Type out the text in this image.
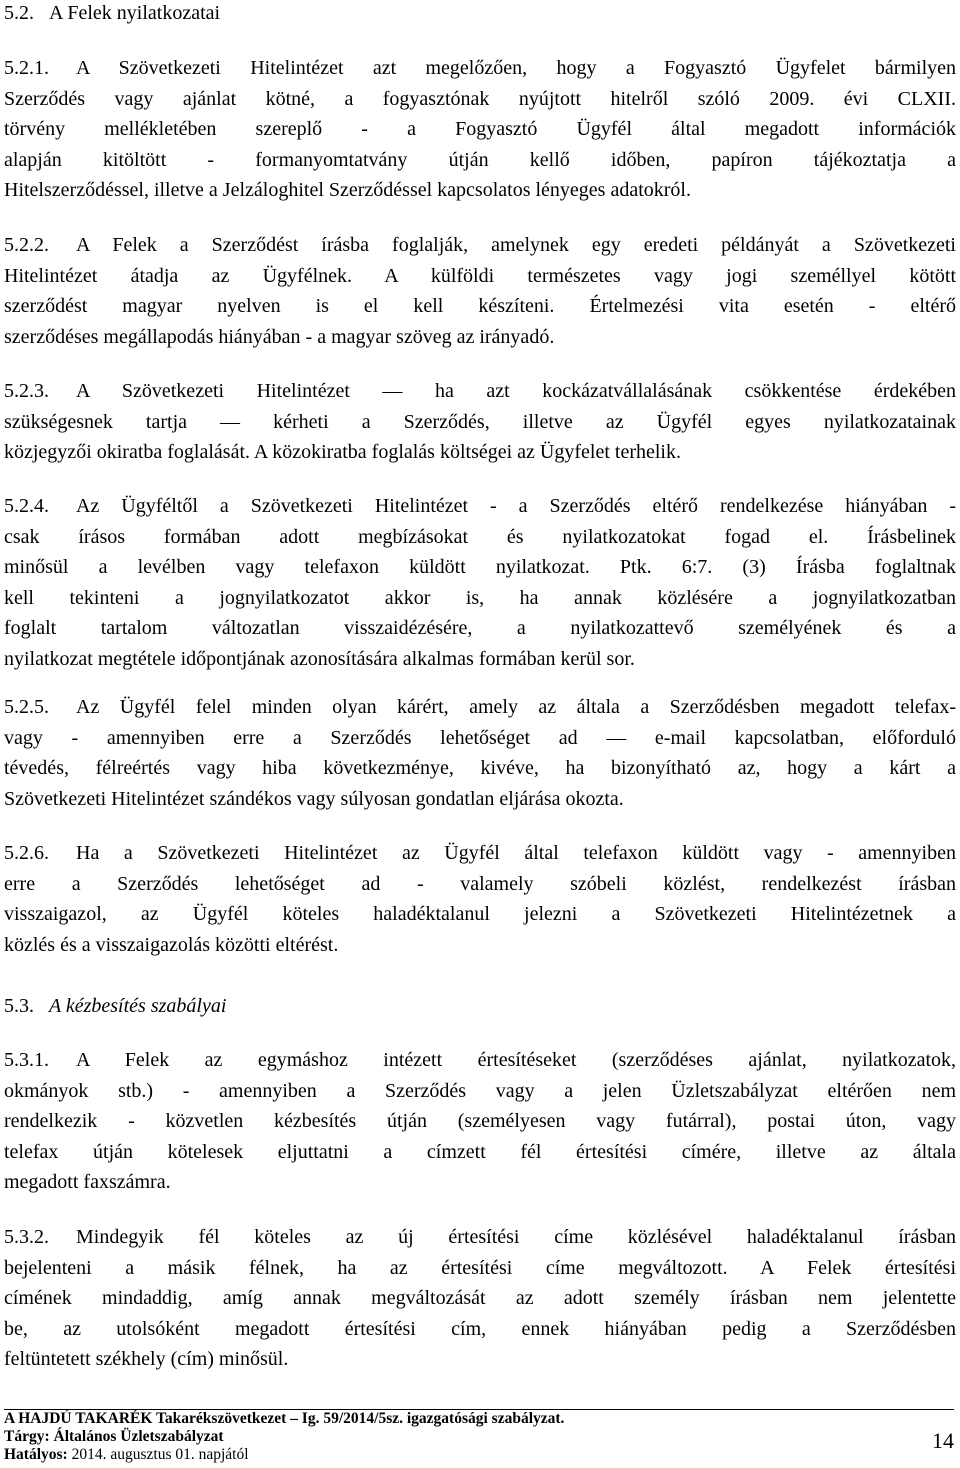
5.2. A Felek nyilatkozatai
5.2.1. A Szövetkezeti Hitelintézet azt megelőzően, hogy a Fogyasztó Ügyfelet bármilyen
Szerződés vagy ajánlat kötné, a fogyasztónak nyújtott hitelről szóló 2009. évi CLXII.
törvény mellékletében szereplő - a Fogyasztó Ügyfél által megadott információk
alapján kitöltött - formanyomtatvány útján kellő időben, papíron tájékoztatja a
Hitelszerződéssel, illetve a Jelzáloghitel Szerződéssel kapcsolatos lényeges adatokról.
5.2.2. A Felek a Szerződést írásba foglalják, amelynek egy eredeti példányát a Szövetkezeti
Hitelintézet átadja az Ügyfélnek. A külföldi természetes vagy jogi személlyel kötött
szerződést magyar nyelven is el kell készíteni. Értelmezési vita esetén - eltérő
szerződéses megállapodás hiányában - a magyar szöveg az irányadó.
5.2.3. A Szövetkezeti Hitelintézet — ha azt kockázatvállalásának csökkentése érdekében
szükségesnek tartja — kérheti a Szerződés, illetve az Ügyfél egyes nyilatkozatainak
közjegyzői okiratba foglalását. A közokiratba foglalás költségei az Ügyfelet terhelik.
5.2.4. Az Ügyféltől a Szövetkezeti Hitelintézet - a Szerződés eltérő rendelkezése hiányában -
csak írásos formában adott megbízásokat és nyilatkozatokat fogad el. Írásbelinek
minősül a levélben vagy telefaxon küldött nyilatkozat. Ptk. 6:7. (3) Írásba foglaltnak
kell tekinteni a jognyilatkozatot akkor is, ha annak közlésére a jognyilatkozatban
foglalt tartalom változatlan visszaidézésére, a nyilatkozattevő személyének és a
nyilatkozat megtétele időpontjának azonosítására alkalmas formában kerül sor.
5.2.5. Az Ügyfél felel minden olyan kárért, amely az általa a Szerződésben megadott telefax-
vagy - amennyiben erre a Szerződés lehetőséget ad — e-mail kapcsolatban, előforduló
tévedés, félreértés vagy hiba következménye, kivéve, ha bizonyítható az, hogy a kárt a
Szövetkezeti Hitelintézet szándékos vagy súlyosan gondatlan eljárása okozta.
5.2.6. Ha a Szövetkezeti Hitelintézet az Ügyfél által telefaxon küldött vagy - amennyiben
erre a Szerződés lehetőséget ad - valamely szóbeli közlést, rendelkezést írásban
visszaigazol, az Ügyfél köteles haladéktalanul jelezni a Szövetkezeti Hitelintézetnek a
közlés és a visszaigazolás közötti eltérést.
5.3. A kézbesítés szabályai
5.3.1. A Felek az egymáshoz intézett értesítéseket (szerződéses ajánlat, nyilatkozatok,
okmányok stb.) - amennyiben a Szerződés vagy a jelen Üzletszabályzat eltérően nem
rendelkezik - közvetlen kézbesítés útján (személyesen vagy futárral), postai úton, vagy
telefax útján kötelesek eljuttatni a címzett fél értesítési címére, illetve az általa
megadott faxszámra.
5.3.2. Mindegyik fél köteles az új értesítési címe közlésével haladéktalanul írásban
bejelenteni a másik félnek, ha az értesítési címe megváltozott. A Felek értesítési
címének mindaddig, amíg annak megváltozását az adott személy írásban nem jelentette
be, az utolsóként megadott értesítési cím, ennek hiányában pedig a Szerződésben
feltüntetett székhely (cím) minősül.
A HAJDÚ TAKARÉK Takarékszövetkezet – Ig. 59/2014/5sz. igazgatósági szabályzat.
Tárgy: Általános Üzletszabályzat
Hatályos: 2014. augusztus 01. napjától
14
